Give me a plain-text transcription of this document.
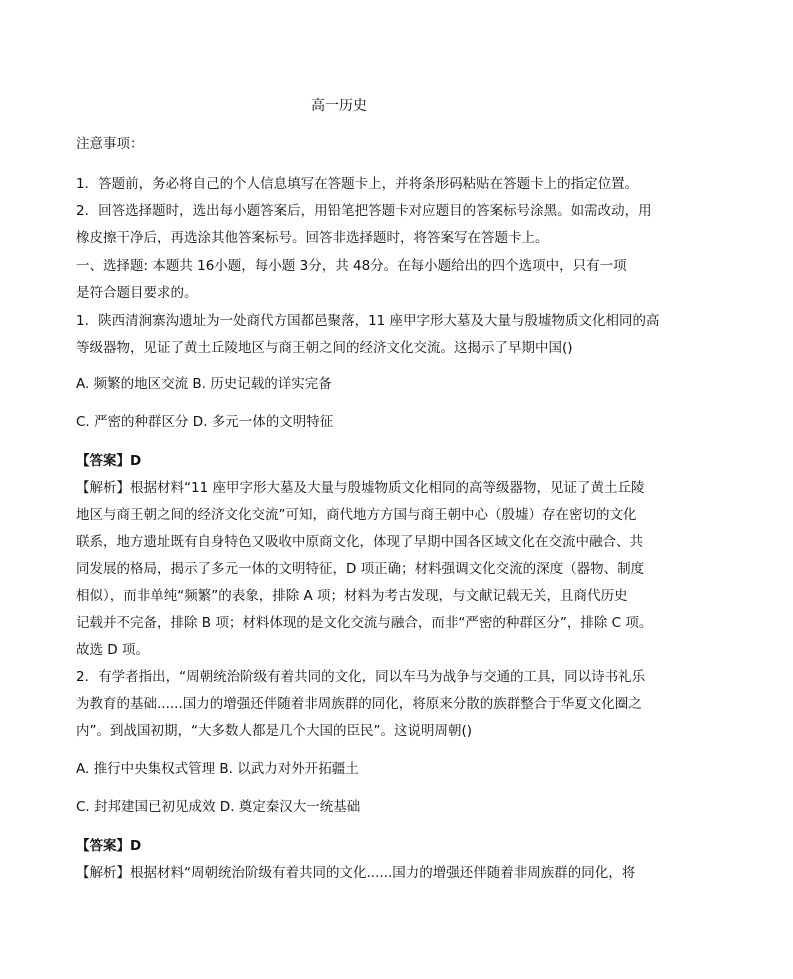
高一历史
注意事项：
1．答题前，务必将自己的个人信息填写在答题卡上，并将条形码粘贴在答题卡上的指定位置。
2．回答选择题时，选出每小题答案后，用铅笔把答题卡对应题目的答案标号涂黑。如需改动，用
橡皮擦干净后，再选涂其他答案标号。回答非选择题时，将答案写在答题卡上。
一、选择题: 本题共 16小题，每小题 3分，共 48分。在每小题给出的四个选项中，只有一项
是符合题目要求的。
1．陕西清涧寨沟遗址为一处商代方国都邑聚落，11 座甲字形大墓及大量与殷墟物质文化相同的高
等级器物，见证了黄土丘陵地区与商王朝之间的经济文化交流。这揭示了早期中国()
A. 频繁的地区交流 B. 历史记载的详实完备
C. 严密的种群区分 D. 多元一体的文明特征
【答案】D
【解析】根据材料“11 座甲字形大墓及大量与殷墟物质文化相同的高等级器物，见证了黄土丘陵
地区与商王朝之间的经济文化交流”可知，商代地方方国与商王朝中心（殷墟）存在密切的文化
联系，地方遗址既有自身特色又吸收中原商文化，体现了早期中国各区域文化在交流中融合、共
同发展的格局，揭示了多元一体的文明特征，D 项正确；材料强调文化交流的深度（器物、制度
相似），而非单纯“频繁”的表象，排除 A 项；材料为考古发现，与文献记载无关，且商代历史
记载并不完备，排除 B 项；材料体现的是文化交流与融合，而非“严密的种群区分”，排除 C 项。
故选 D 项。
2．有学者指出，“周朝统治阶级有着共同的文化，同以车马为战争与交通的工具，同以诗书礼乐
为教育的基础......国力的增强还伴随着非周族群的同化，将原来分散的族群整合于华夏文化圈之
内”。到战国初期，“大多数人都是几个大国的臣民”。这说明周朝()
A. 推行中央集权式管理 B. 以武力对外开拓疆土
C. 封邦建国已初见成效 D. 奠定秦汉大一统基础
【答案】D
【解析】根据材料“周朝统治阶级有着共同的文化......国力的增强还伴随着非周族群的同化，将
